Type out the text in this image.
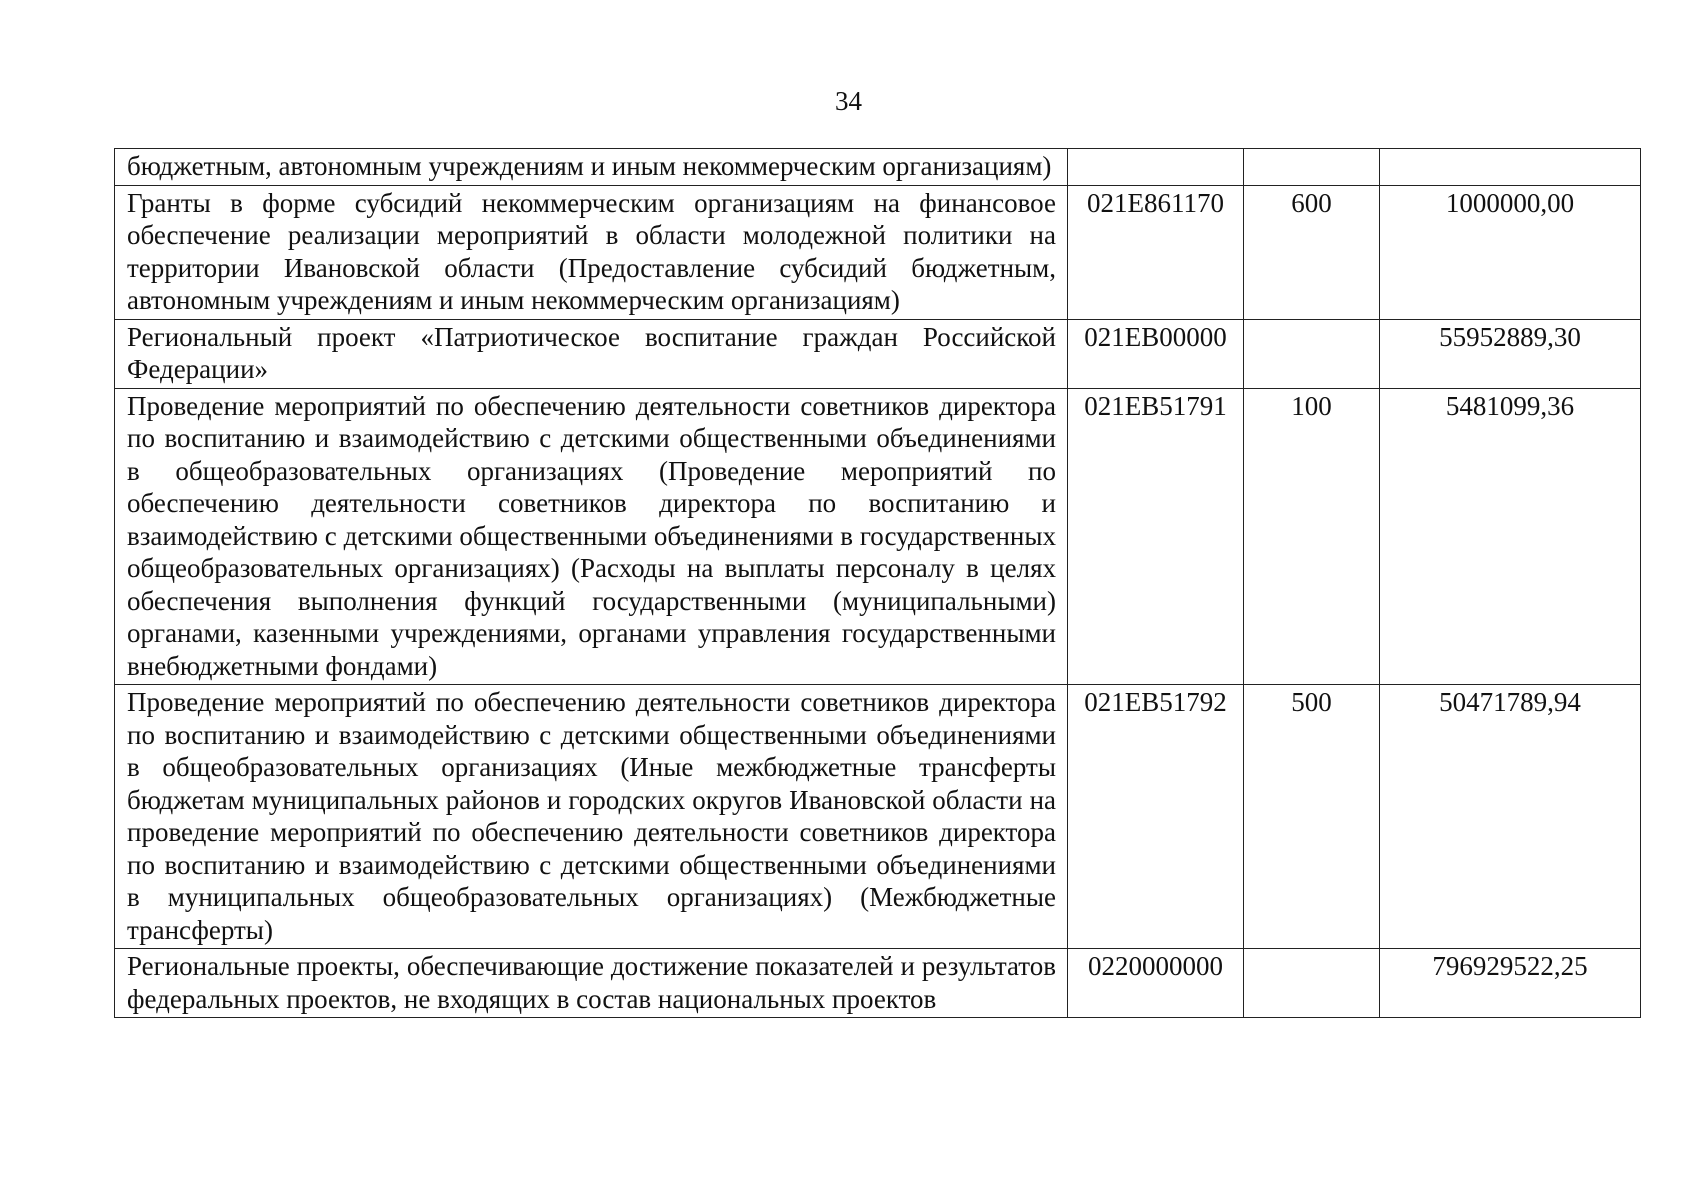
34
бюджетным, автономным учреждениям и иным некоммерческим организациям)			
Гранты в форме субсидий некоммерческим организациям на финансовое обеспечение реализации мероприятий в области молодежной политики на территории Ивановской области (Предоставление субсидий бюджетным, автономным учреждениям и иным некоммерческим организациям)	021E861170	600	1000000,00
Региональный проект «Патриотическое воспитание граждан Российской Федерации»	021EВ00000		55952889,30
Проведение мероприятий по обеспечению деятельности советников директора по воспитанию и взаимодействию с детскими общественными объединениями в общеобразовательных организациях (Проведение мероприятий по обеспечению деятельности советников директора по воспитанию и взаимодействию с детскими общественными объединениями в государственных общеобразовательных организациях) (Расходы на выплаты персоналу в целях обеспечения выполнения функций государственными (муниципальными) органами, казенными учреждениями, органами управления государственными внебюджетными фондами)	021EВ51791	100	5481099,36
Проведение мероприятий по обеспечению деятельности советников директора по воспитанию и взаимодействию с детскими общественными объединениями в общеобразовательных организациях (Иные межбюджетные трансферты бюджетам муниципальных районов и городских округов Ивановской области на проведение мероприятий по обеспечению деятельности советников директора по воспитанию и взаимодействию с детскими общественными объединениями в муниципальных общеобразовательных организациях) (Межбюджетные трансферты)	021EВ51792	500	50471789,94
Региональные проекты, обеспечивающие достижение показателей и результатов федеральных проектов, не входящих в состав национальных проектов	0220000000		796929522,25
